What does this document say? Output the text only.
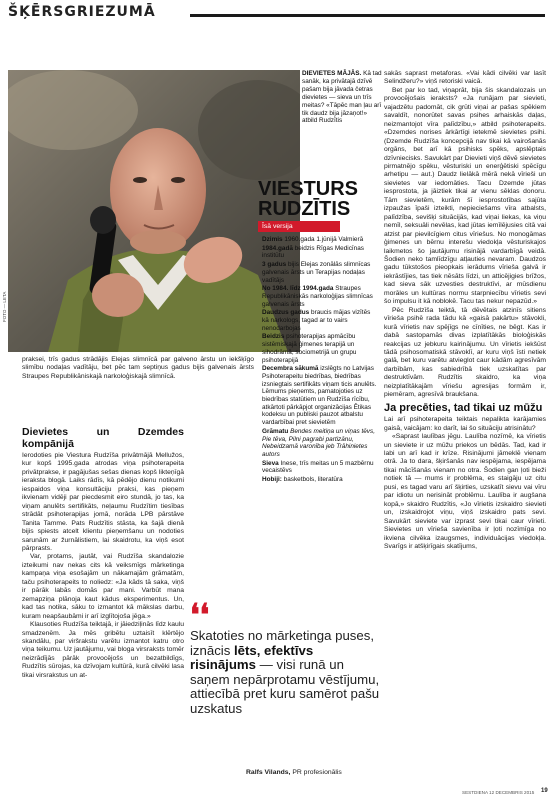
ŠĶĒRSGRIEZUMĀ
FOTO — LETA
DIEVIETES MĀJĀS. Kā tad sanāk, ka privātajā dzīvē pašam bija jāvada četras dievietes — sieva un trīs meitas? «Tāpēc man ļau arī tik daudz bija jāzaņot!» atbild Rudzītis
VIESTURS
RUDZĪTIS
Īsā versija

Dzimis 1960.gada 1.jūnijā Valmierā

1984.gadā beidzis Rīgas Medicīnas institūtu

3 gadus bijis Elejas zonālās slimnīcas galvenais ārsts un Terapijas nodaļas vadītājs

No 1984. līdz 1994.gada Straupes Republikāniskās narkoloģijas slimnīcas galvenais ārsts

Daudzus gadus braucis mājas vizītēs kā narkologs, tagad ar to vairs nenodarbojas

Beidzis psihoterapijas apmācību sistēmiskajā ģimenes terapijā un sihodrāmā, sociometrijā un grupu psihoterapijā

Decembra sākumā izslēgts no Latvijas Psihoterapeitu biedrības, biedrības izsniegtais sertifikāts viņam ticis anulēts. Lēmums pieņemts, pamatojoties uz biedrības statūtiem un Rudzīša rīcību, atkārtoti pārkāpjot organizācijas Ētikas kodeksu un publiski pauzot atbalstu vardarbībai pret sievietēm

Grāmatu Bendes meitiņa un viņas tēvs, Pie tēva, Pilni pagrabi partizānu, Nebeidzamā varonība jeb Trāhinietes autors

Sieva Inese, trīs meitas un 5 mazbērnu vecaistēvs

Hobiji: basketbols, literatūra

praksei, trīs gadus strādājis Elejas slimnīcā par galveno ārstu un iekšķīgo slimību nodaļas vadītāju, bet pēc tam septiņus gadus bijis galvenais ārsts Straupes Republikāniskajā narkoloģiskajā slimnīcā.

Dievietes un Dzemdes kompānijā

Ierodoties pie Viestura Rudzīša privātmājā Mellužos, kur kopš 1995.gada atrodas viņa psihoterapeita privātprakse, ir pagājušas sešas dienas kopš likteņīgā ieraksta blogā. Laiks rādīs, kā pēdējo dienu notikumi iespaidos viņa konsultāciju praksi, kas pieņem ikvienam vidēji par piecdesmit eiro stundā, jo tas, ka viņam anulēts sertifikāts, neļaumu Rudzītim tiesības strādāt psihoterapijas jomā, norāda LPB pārstāve Tanita Tamme. Pats Rudzītis stāsta, ka šajā dienā bijis spiests atcelt klientu pieņemšanu un nodoties sarunām ar žurnālistiem, lai skaidrotu, ka viņš esot pārprasts.

Var, protams, jautāt, vai Rudzīša skandalozie izteikumi nav nekas cits kā veiksmīgs mārketinga kampaņa viņa esošajām un nākamajām grāmatām, taču psihoterapeits to noliedz: «Ja kāds tā saka, viņš ir pārāk labās domās par mani. Varbūt mana zemapziņa plānoja kaut kādus eksperimentus. Un, kad tas notika, sāku to izmantot kā mākslas darbu, kuram neapšaubāmi ir arī izglītojoša jēga.»

Klausoties Rudzīša teiktajā, ir jāiedziļinās līdz kaulu smadzenēm. Ja mēs gribētu uztaisīt klērtējo skandālu, par viršrakstu varētu izmantot katru otro viņa teikumu. Uz jautājumu, vai bloga virsraksts tomēr neizrādījās pārāk provocējošs un bezatbildīgs, Rudzītis sūrojas, ka dzīvojam kultūrā, kurā cilvēki lasa tikai virsrakstus un at-

sakās saprast metaforas. «Vai kādi cilvēki var lasīt Selindžeru?» viņš retoriski vaicā.

Bet par ko tad, viņaprāt, bija šis skandalozais un provocējošais ieraksts? «Ja runājam par sievieti, vajadzētu padomāt, cik grūti viņai ar pašas spēkiem savaldīt, nonorūtet savas psihes arhaiskās daļas, neizmantojot vīra palīdzību,» atbild psihoterapeits. «Dzemdes norises ārkārtīgi ietekmē sievietes psihi. (Dzemde Rudzīša koncepcijā nav tikai kā vairošanās orgāns, bet arī kā psihisks spēks, apslēptais dzīvniecisks. Savukārt par Dievieti viņš dēvē sievietes pirmatnējo spēku, vēsturiski un enerģētiski spēcīgu arhetipu — aut.) Daudz lielākā mērā nekā vīrieši un sievietes var iedomāties. Tacu Dzemde jūtas iesprostota, ja jāiztiek tikai ar vienu sēklas donoru. Tām sievietēm, kurām šī iesprostotības sajūta izpaužas īpaši izteikti, nepieciešams vīra atbalsts, palīdzība, sevišķi situācijās, kad viņai liekas, ka viņu nemīl, seksuāli nevēlas, kad jūtas iemīlējusies citā vai atzist par pievilcīgiem citus vīriešus. No monogāmas ģimenes un bērnu interešu viedokļa vēsturiskajos laikmetos šo jautājumu risinājā vardarbīgā veidā. Šodien neko tamlīdzīgu atļauties nevaram. Daudzos gadu tūkstošos pieopkais ierādums vīrieša galvā ir iekrāstījies, tas tiek nēsāts līdzi, un atticējigies brīžos, kad sieva sāk uzvesties destruktīvi, ar mūsdienu morāles un kultūras normu starpniecību vīrietis sevi šo impulsu it kā noblokē. Tacu tas nekur nepazūd.»

Pēc Rudzīša teiktā, tā dēvētais atzinīs sitiens vīrieša psihē rada tādu kā «gaisā pakārtu» stāvokli, kurā vīrietis nav spējīgs ne cīnīties, ne bēgt. Kas ir dabā sastopamās divas izplatītākās bioloģiskās reakcijas uz jebkuru kairinājumu. Un vīrietis iekšūst tādā psihosomatiskā stāvoklī, ar kuru viņš īsti netiek galā, bet kuru varētu atvieglot caur kādām agresīvām darbībām, kas sabiedrībā tiek uzskatītas par destruktīvām. Rudzītis skaidro, ka viņa neizplatītākajām vīriešu agresijas formām ir, piemēram, agresīvā braukšana.

Ja precēties, tad tikai uz mūžu

Lai arī psihoterapeita teiktais nepalikta karājamies gaisā, vaicājam: ko darīt, lai šo situāciju atrisinātu?

«Saprast laulības jēgu. Laulība nozīmē, ka vīrietis un sieviete ir uz mūžu priekos un bēdās. Tad, kad ir labi un arī kad ir krīze. Risinājumi jāmeklē vienam otrā. Ja to dara, šķiršanās nav iespējama, iespējama tikai mācīšanās vienam no otra. Šodien gan ļoti bieži notiek tā — mums ir problēma, es staigāju uz citu pusi, es tagad varu arī šķirties, uzskatīt sievu vai vīru par idiotu un nerisināt problēmu. Laulība ir augšana kopā,» skaidro Rudzītis, «Jo vīrietis izskaidro sievieti un, izskaidrojot viņu, viņš izskaidro pats sevi. Savukārt sieviete var izprast sevi tikai caur vīrieti. Sievietes un vīrieša savienība ir ļoti nozīmīga no ikviena cilvēka izaugsmes, individuācijas viedokļa. Svarīgs ir atšķirīgais skatījums,

❛❛
Skatoties no mārketinga puses, iznācis lēts, efektīvs risinājums — visi runā un saņem nepārprotamu vēstījumu, attiecībā pret kuru samērot pašu uzskatus
Ralfs Vilands, PR profesionālis
SESTDIENA 12 DECEMBRIS 2015 19
